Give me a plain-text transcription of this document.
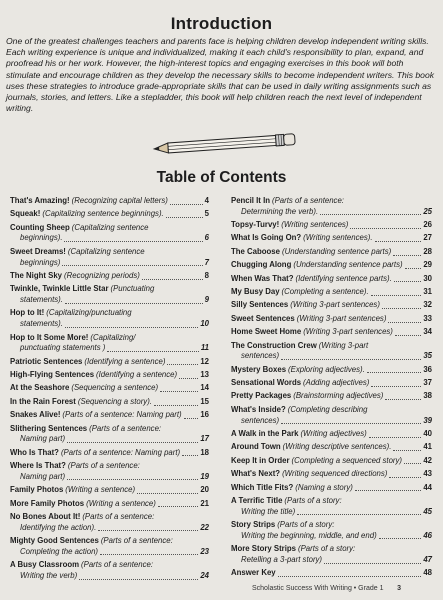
Introduction
One of the greatest challenges teachers and parents face is helping children develop independent writing skills. Each writing experience is unique and individualized, making it each child's responsibility to plan, expand, and proofread his or her work. However, the high-interest topics and engaging exercises in this book will both stimulate and encourage children as they develop the necessary skills to become independent writers. This book uses these strategies to introduce grade-appropriate skills that can be used in daily writing assignments such as journals, stories, and letters. Like a stepladder, this book will help children reach the next level of independent writing.
Table of Contents
That's Amazing! (Recognizing capital letters)	4
Squeak! (Capitalizing sentence beginnings).	5
Counting Sheep (Capitalizing sentence
beginnings).	6
Sweet Dreams! (Capitalizing sentence
beginnings)	7
The Night Sky (Recognizing periods)	8
Twinkle, Twinkle Little Star (Punctuating
statements).	9
Hop to It! (Capitalizing/punctuating
statements).	10
Hop to It Some More! (Capitalizing/
punctuating statements )	11
Patriotic Sentences (Identifying a sentence)	12
High-Flying Sentences (Identifying a sentence)	13
At the Seashore (Sequencing a sentence)	14
In the Rain Forest (Sequencing a story).	15
Snakes Alive! (Parts of a sentence: Naming part) 16
Slithering Sentences (Parts of a sentence:
Naming part)	17
Who Is That? (Parts of a sentence: Naming part)	18
Where Is That? (Parts of a sentence:
Naming part)	19
Family Photos (Writing a sentence)	20
More Family Photos (Writing a sentence)	21
No Bones About It! (Parts of a sentence:
Identifying the action).	22
Mighty Good Sentences (Parts of a sentence:
Completing the action)	23
A Busy Classroom (Parts of a sentence:
Writing the verb)	24
Pencil It In (Parts of a sentence:
Determining the verb).	25
Topsy-Turvy! (Writing sentences)	26
What Is Going On? (Writing sentences).	27
The Caboose (Understanding sentence parts)	28
Chugging Along (Understanding sentence parts)	29
When Was That? (Identifying sentence parts).	30
My Busy Day (Completing a sentence).	31
Silly Sentences (Writing 3-part sentences)	32
Sweet Sentences (Writing 3-part sentences)	33
Home Sweet Home (Writing 3-part sentences)	34
The Construction Crew (Writing 3-part
sentences)	35
Mystery Boxes (Exploring adjectives).	36
Sensational Words (Adding adjectives)	37
Pretty Packages (Brainstorming adjectives)	38
What's Inside? (Completing describing
sentences)	39
A Walk in the Park (Writing adjectives)	40
Around Town (Writing descriptive sentences).	41
Keep It in Order (Completing a sequenced story)	42
What's Next? (Writing sequenced directions)	43
Which Title Fits? (Naming a story)	44
A Terrific Title (Parts of a story:
Writing the title)	45
Story Strips (Parts of a story:
Writing the beginning, middle, and end)	46
More Story Strips (Parts of a story:
Retelling a 3-part story)	47
Answer Key	48
Scholastic Success With Writing • Grade 1 3
